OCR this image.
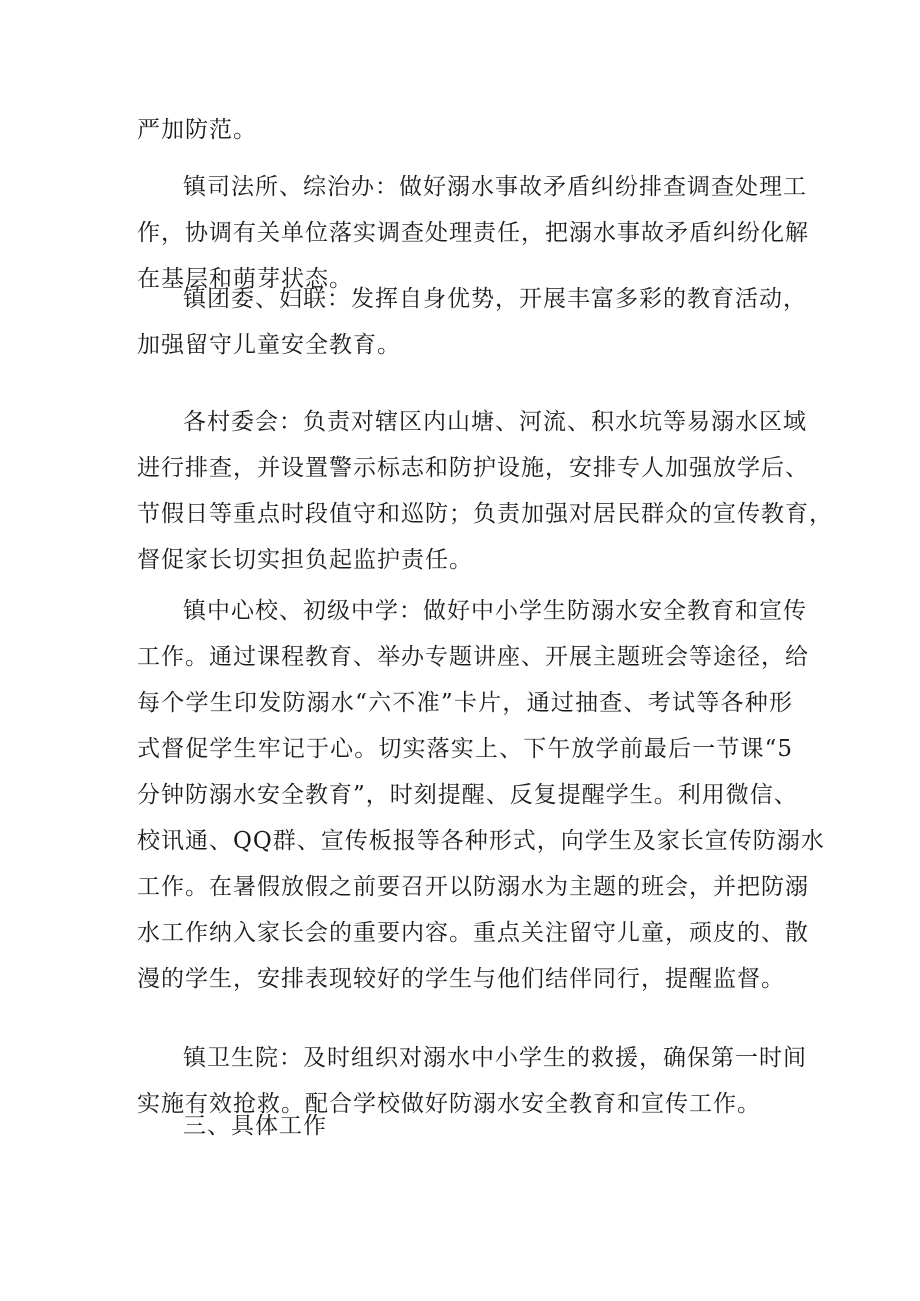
严加防范。

镇司法所、综治办：做好溺水事故矛盾纠纷排查调查处理工
作，协调有关单位落实调查处理责任，把溺水事故矛盾纠纷化解
在基层和萌芽状态。

镇团委、妇联：发挥自身优势，开展丰富多彩的教育活动，
加强留守儿童安全教育。

各村委会：负责对辖区内山塘、河流、积水坑等易溺水区域
进行排查，并设置警示标志和防护设施，安排专人加强放学后、
节假日等重点时段值守和巡防；负责加强对居民群众的宣传教育，
督促家长切实担负起监护责任。

镇中心校、初级中学：做好中小学生防溺水安全教育和宣传
工作。通过课程教育、举办专题讲座、开展主题班会等途径，给
每个学生印发防溺水“六不准”卡片，通过抽查、考试等各种形
式督促学生牢记于心。切实落实上、下午放学前最后一节课“5
分钟防溺水安全教育”，时刻提醒、反复提醒学生。利用微信、
校讯通、QQ群、宣传板报等各种形式，向学生及家长宣传防溺水
工作。在暑假放假之前要召开以防溺水为主题的班会，并把防溺
水工作纳入家长会的重要内容。重点关注留守儿童，顽皮的、散
漫的学生，安排表现较好的学生与他们结伴同行，提醒监督。

镇卫生院：及时组织对溺水中小学生的救援，确保第一时间
实施有效抢救。配合学校做好防溺水安全教育和宣传工作。

三、具体工作
